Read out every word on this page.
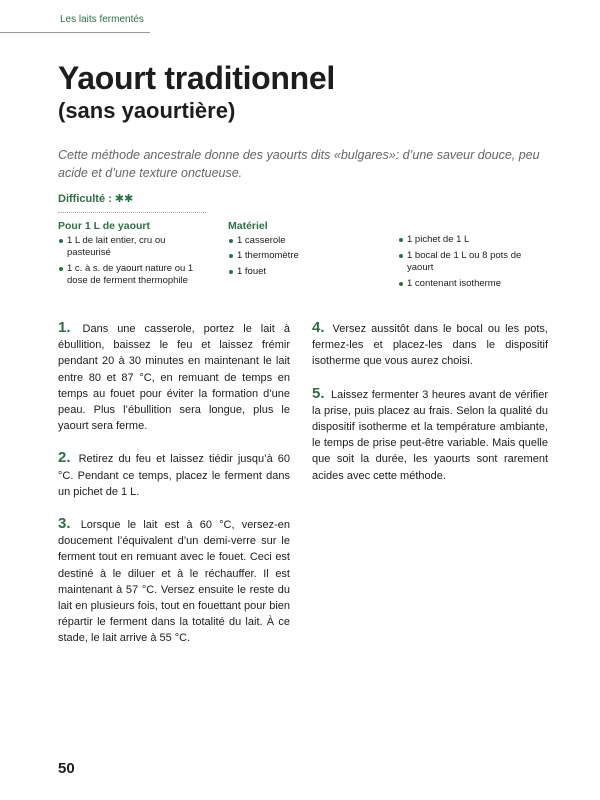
Les laits fermentés
Yaourt traditionnel
(sans yaourtière)

Cette méthode ancestrale donne des yaourts dits «bulgares»: d’une saveur douce, peu acide et d’une texture onctueuse.

Difficulté : ✱✱
Pour 1 L de yaourt
1 L de lait entier, cru ou pasteurisé
1 c. à s. de yaourt nature ou 1 dose de ferment thermophile
Matériel
1 casserole
1 thermomètre
1 fouet
1 pichet de 1 L
1 bocal de 1 L ou 8 pots de yaourt
1 contenant isotherme

1. Dans une casserole, portez le lait à ébullition, baissez le feu et laissez frémir pendant 20 à 30 minutes en maintenant le lait entre 80 et 87 °C, en remuant de temps en temps au fouet pour éviter la formation d’une peau. Plus l’ébullition sera longue, plus le yaourt sera ferme.

2. Retirez du feu et laissez tiédir jusqu’à 60 °C. Pendant ce temps, placez le ferment dans un pichet de 1 L.

3. Lorsque le lait est à 60 °C, versez-en doucement l’équivalent d’un demi-verre sur le ferment tout en remuant avec le fouet. Ceci est destiné à le diluer et à le réchauffer. Il est maintenant à 57 °C. Versez ensuite le reste du lait en plusieurs fois, tout en fouettant pour bien répartir le ferment dans la totalité du lait. À ce stade, le lait arrive à 55 °C.

4. Versez aussitôt dans le bocal ou les pots, fermez-les et placez-les dans le dispositif isotherme que vous aurez choisi.

5. Laissez fermenter 3 heures avant de vérifier la prise, puis placez au frais. Selon la qualité du dispositif isotherme et la température ambiante, le temps de prise peut-être variable. Mais quelle que soit la durée, les yaourts sont rarement acides avec cette méthode.

50
